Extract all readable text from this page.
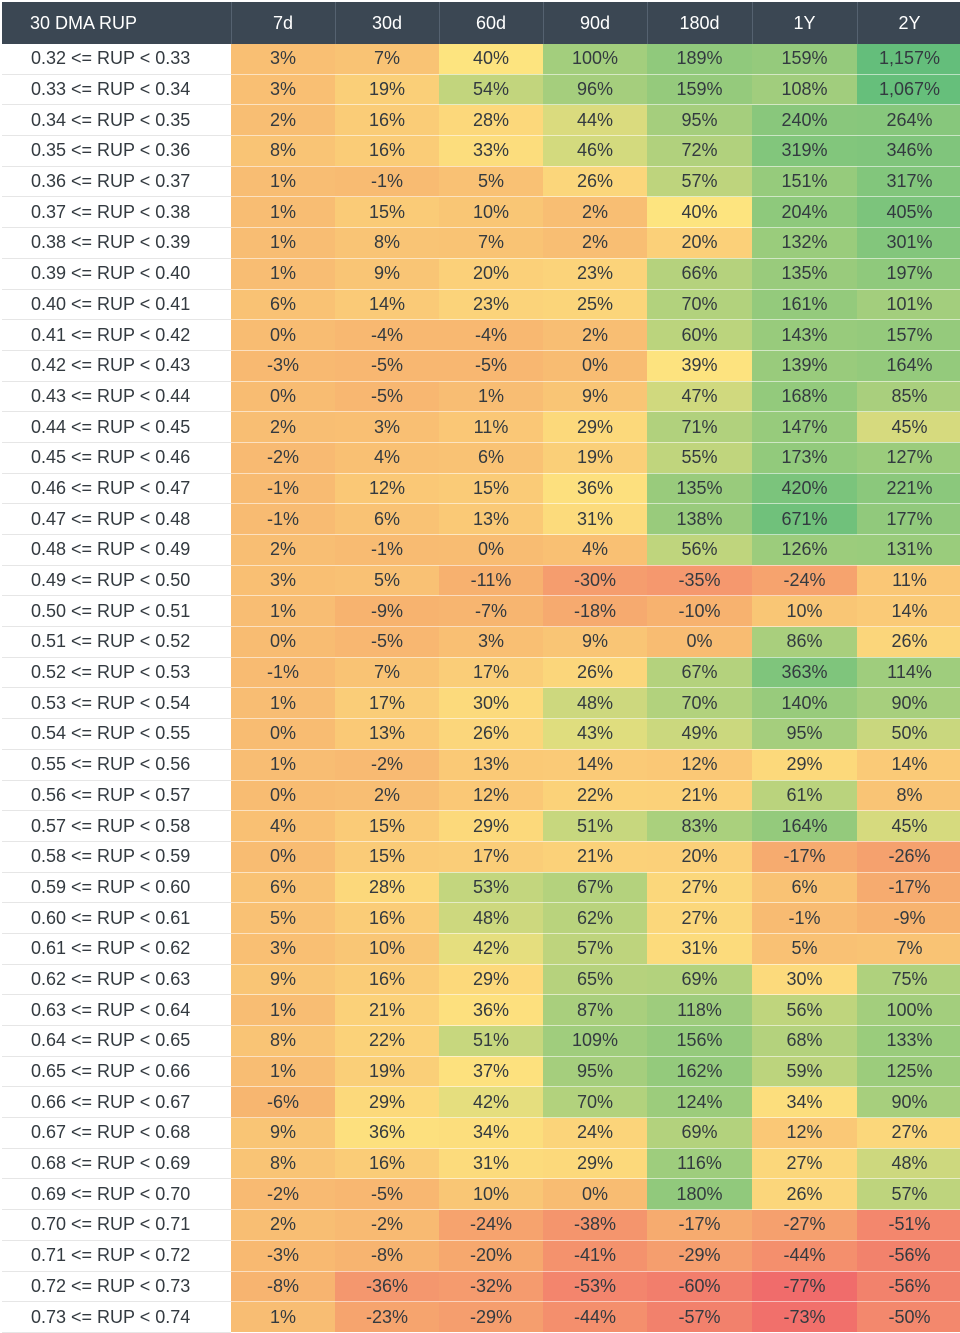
30 DMA RUP	7d	30d	60d	90d	180d	1Y	2Y
0.32 <= RUP < 0.33	3%	7%	40%	100%	189%	159%	1,157%
0.33 <= RUP < 0.34	3%	19%	54%	96%	159%	108%	1,067%
0.34 <= RUP < 0.35	2%	16%	28%	44%	95%	240%	264%
0.35 <= RUP < 0.36	8%	16%	33%	46%	72%	319%	346%
0.36 <= RUP < 0.37	1%	-1%	5%	26%	57%	151%	317%
0.37 <= RUP < 0.38	1%	15%	10%	2%	40%	204%	405%
0.38 <= RUP < 0.39	1%	8%	7%	2%	20%	132%	301%
0.39 <= RUP < 0.40	1%	9%	20%	23%	66%	135%	197%
0.40 <= RUP < 0.41	6%	14%	23%	25%	70%	161%	101%
0.41 <= RUP < 0.42	0%	-4%	-4%	2%	60%	143%	157%
0.42 <= RUP < 0.43	-3%	-5%	-5%	0%	39%	139%	164%
0.43 <= RUP < 0.44	0%	-5%	1%	9%	47%	168%	85%
0.44 <= RUP < 0.45	2%	3%	11%	29%	71%	147%	45%
0.45 <= RUP < 0.46	-2%	4%	6%	19%	55%	173%	127%
0.46 <= RUP < 0.47	-1%	12%	15%	36%	135%	420%	221%
0.47 <= RUP < 0.48	-1%	6%	13%	31%	138%	671%	177%
0.48 <= RUP < 0.49	2%	-1%	0%	4%	56%	126%	131%
0.49 <= RUP < 0.50	3%	5%	-11%	-30%	-35%	-24%	11%
0.50 <= RUP < 0.51	1%	-9%	-7%	-18%	-10%	10%	14%
0.51 <= RUP < 0.52	0%	-5%	3%	9%	0%	86%	26%
0.52 <= RUP < 0.53	-1%	7%	17%	26%	67%	363%	114%
0.53 <= RUP < 0.54	1%	17%	30%	48%	70%	140%	90%
0.54 <= RUP < 0.55	0%	13%	26%	43%	49%	95%	50%
0.55 <= RUP < 0.56	1%	-2%	13%	14%	12%	29%	14%
0.56 <= RUP < 0.57	0%	2%	12%	22%	21%	61%	8%
0.57 <= RUP < 0.58	4%	15%	29%	51%	83%	164%	45%
0.58 <= RUP < 0.59	0%	15%	17%	21%	20%	-17%	-26%
0.59 <= RUP < 0.60	6%	28%	53%	67%	27%	6%	-17%
0.60 <= RUP < 0.61	5%	16%	48%	62%	27%	-1%	-9%
0.61 <= RUP < 0.62	3%	10%	42%	57%	31%	5%	7%
0.62 <= RUP < 0.63	9%	16%	29%	65%	69%	30%	75%
0.63 <= RUP < 0.64	1%	21%	36%	87%	118%	56%	100%
0.64 <= RUP < 0.65	8%	22%	51%	109%	156%	68%	133%
0.65 <= RUP < 0.66	1%	19%	37%	95%	162%	59%	125%
0.66 <= RUP < 0.67	-6%	29%	42%	70%	124%	34%	90%
0.67 <= RUP < 0.68	9%	36%	34%	24%	69%	12%	27%
0.68 <= RUP < 0.69	8%	16%	31%	29%	116%	27%	48%
0.69 <= RUP < 0.70	-2%	-5%	10%	0%	180%	26%	57%
0.70 <= RUP < 0.71	2%	-2%	-24%	-38%	-17%	-27%	-51%
0.71 <= RUP < 0.72	-3%	-8%	-20%	-41%	-29%	-44%	-56%
0.72 <= RUP < 0.73	-8%	-36%	-32%	-53%	-60%	-77%	-56%
0.73 <= RUP < 0.74	1%	-23%	-29%	-44%	-57%	-73%	-50%
